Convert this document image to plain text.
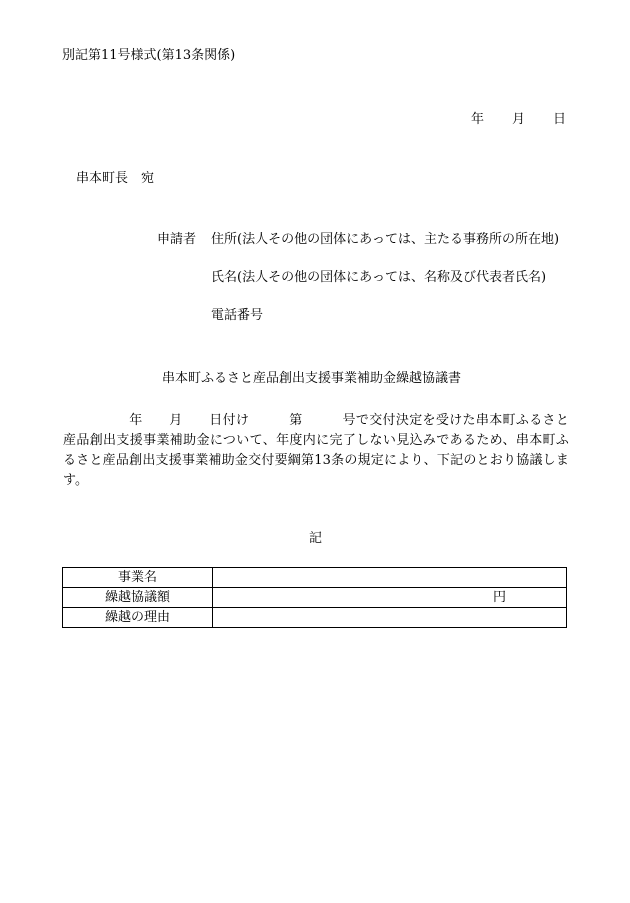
別記第11号様式(第13条関係)
年 月 日
串本町長　宛
申請者 住所(法人その他の団体にあっては、主たる事務所の所在地)
氏名(法人その他の団体にあっては、名称及び代表者氏名)
電話番号
串本町ふるさと産品創出支援事業補助金繰越協議書
年　　月　　日付け　　　第　　　号で交付決定を受けた串本町ふるさと産品創出支援事業補助金について、年度内に完了しない見込みであるため、串本町ふるさと産品創出支援事業補助金交付要綱第13条の規定により、下記のとおり協議します。
記
事業名	
繰越協議額	円
繰越の理由	
